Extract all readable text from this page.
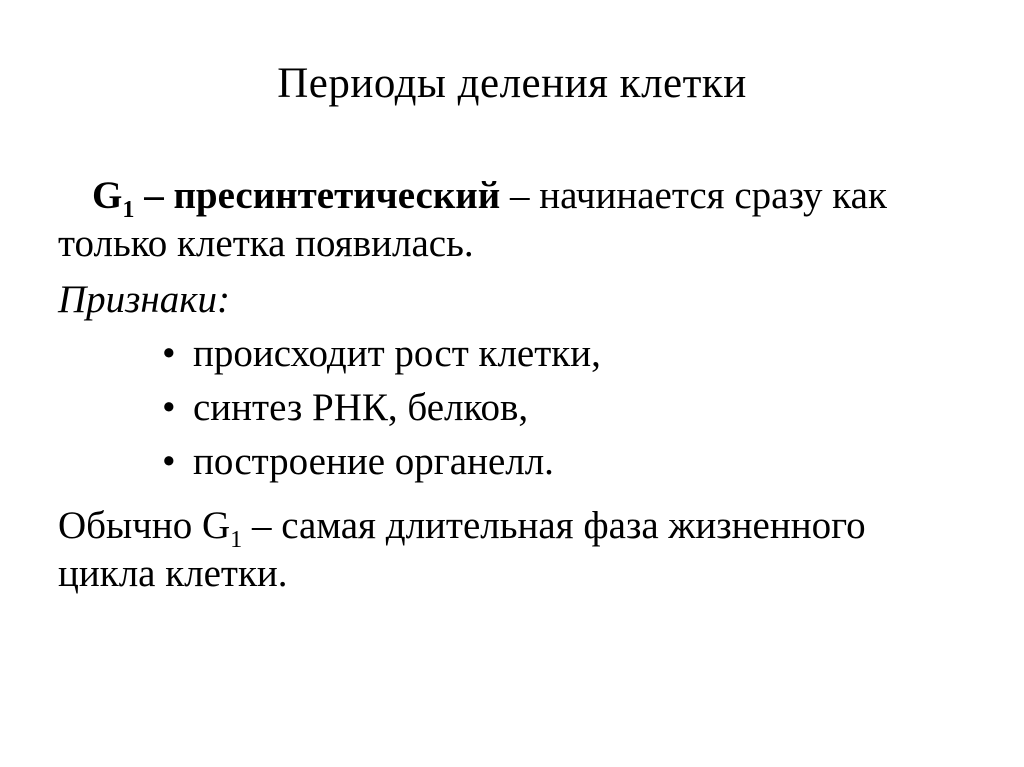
Периоды деления клетки

$G_1$ – пресинтетический – начинается сразу как только клетка появилась.

Признаки:

• происходит рост клетки,
• синтез РНК, белков,
• построение органелл.

Обычно $G_1$ – самая длительная фаза жизненного цикла клетки.
